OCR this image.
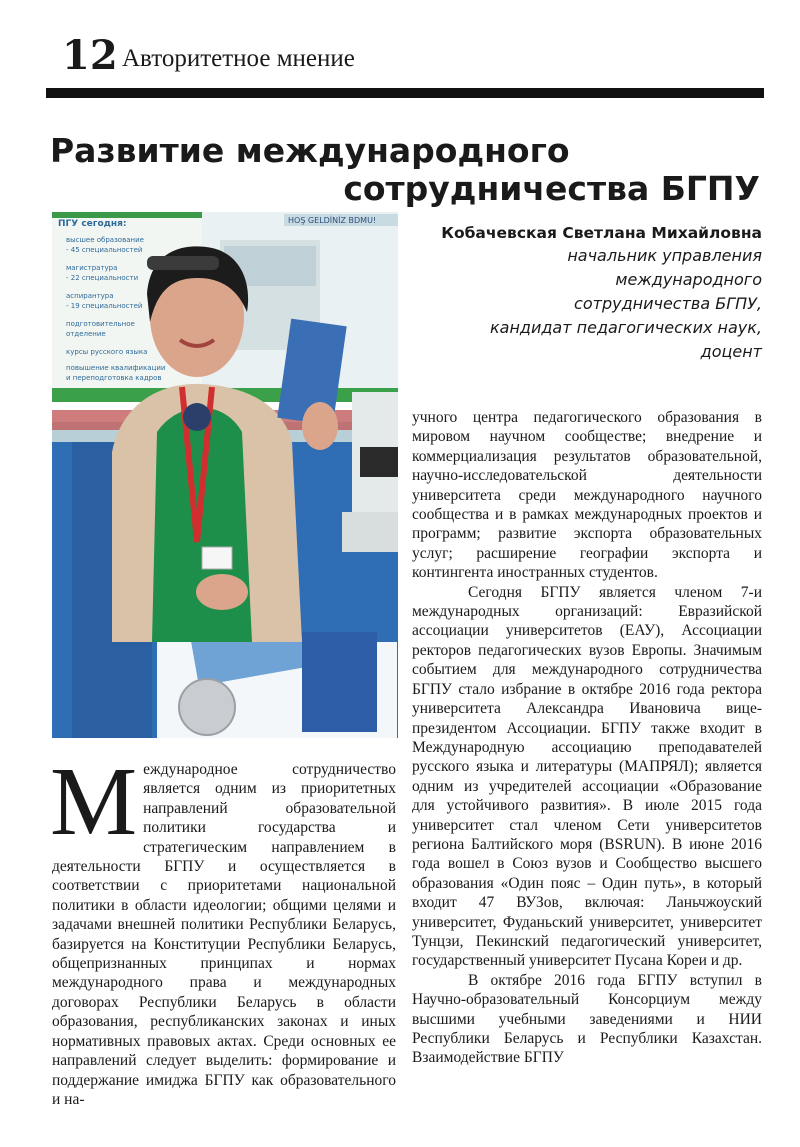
12 Авторитетное мнение
Развитие международного
сотрудничества БГПУ
Кобачевская Светлана Михайловна
начальник управления
международного
сотрудничества БГПУ,
кандидат педагогических наук,
доцент
HOŞ GELDİNİZ BDMU!
ПГУ сегодня: высшее образование - 45 специальностей магистратура - 22 специальности аспирантура - 19 специальностей подготовительное отделение курсы русского языка повышение квалификации и переподготовка кадров

Международное сотрудничество является одним из приоритетных направлений образовательной политики государства и стратегическим направлением в деятельности БГПУ и осуществляется в соответствии с приоритетами национальной политики в области идеологии; общими целями и задачами внешней политики Республики Беларусь, базируется на Конституции Республики Беларусь, общепризнанных принципах и нормах международного права и международных договорах Республики Беларусь в области образования, республиканских законах и иных нормативных правовых актах. Среди основных ее направлений следует выделить: формирование и поддержание имиджа БГПУ как образовательного и на-

учного центра педагогического образования в мировом научном сообществе; внедрение и коммерциализация результатов образовательной, научно-исследовательской деятельности университета среди международного научного сообщества и в рамках международных проектов и программ; развитие экспорта образовательных услуг; расширение географии экспорта и контингента иностранных студентов.

Сегодня БГПУ является членом 7-и международных организаций: Евразийской ассоциации университетов (ЕАУ), Ассоциации ректоров педагогических вузов Европы. Значимым событием для международного сотрудничества БГПУ стало избрание в октябре 2016 года ректора университета Александра Ивановича вице-президентом Ассоциации. БГПУ также входит в Международную ассоциацию преподавателей русского языка и литературы (МАПРЯЛ); является одним из учредителей ассоциации «Образование для устойчивого развития». В июле 2015 года университет стал членом Сети университетов региона Балтийского моря (BSRUN). В июне 2016 года вошел в Союз вузов и Сообщество высшего образования «Один пояс – Один путь», в который входит 47 ВУЗов, включая: Ланьчжоуский университет, Фуданьский университет, университет Тунцзи, Пекинский педагогический университет, государственный университет Пусана Кореи и др.

В октябре 2016 года БГПУ вступил в Научно-образовательный Консорциум между высшими учебными заведениями и НИИ Республики Беларусь и Республики Казахстан. Взаимодействие БГПУ
